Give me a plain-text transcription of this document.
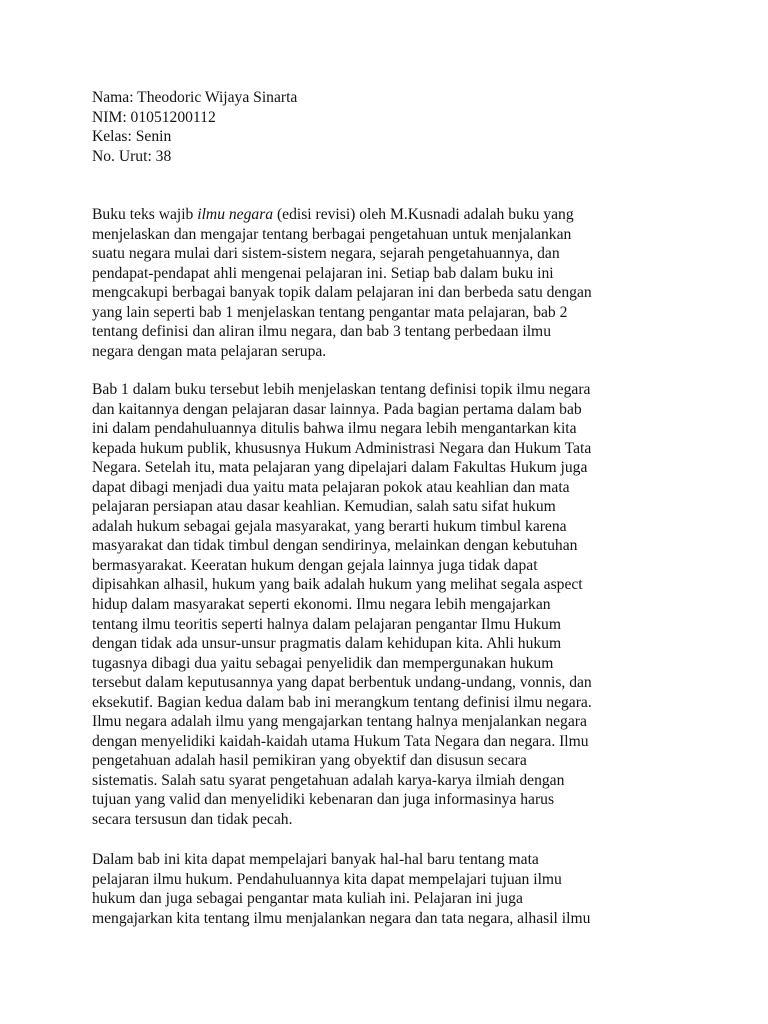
Nama: Theodoric Wijaya Sinarta
NIM: 01051200112
Kelas: Senin
No. Urut: 38
Buku teks wajib ilmu negara (edisi revisi) oleh M.Kusnadi adalah buku yang
menjelaskan dan mengajar tentang berbagai pengetahuan untuk menjalankan
suatu negara mulai dari sistem-sistem negara, sejarah pengetahuannya, dan
pendapat-pendapat ahli mengenai pelajaran ini. Setiap bab dalam buku ini
mengcakupi berbagai banyak topik dalam pelajaran ini dan berbeda satu dengan
yang lain seperti bab 1 menjelaskan tentang pengantar mata pelajaran, bab 2
tentang definisi dan aliran ilmu negara, dan bab 3 tentang perbedaan ilmu
negara dengan mata pelajaran serupa.
Bab 1 dalam buku tersebut lebih menjelaskan tentang definisi topik ilmu negara
dan kaitannya dengan pelajaran dasar lainnya. Pada bagian pertama dalam bab
ini dalam pendahuluannya ditulis bahwa ilmu negara lebih mengantarkan kita
kepada hukum publik, khususnya Hukum Administrasi Negara dan Hukum Tata
Negara. Setelah itu, mata pelajaran yang dipelajari dalam Fakultas Hukum juga
dapat dibagi menjadi dua yaitu mata pelajaran pokok atau keahlian dan mata
pelajaran persiapan atau dasar keahlian. Kemudian, salah satu sifat hukum
adalah hukum sebagai gejala masyarakat, yang berarti hukum timbul karena
masyarakat dan tidak timbul dengan sendirinya, melainkan dengan kebutuhan
bermasyarakat. Keeratan hukum dengan gejala lainnya juga tidak dapat
dipisahkan alhasil, hukum yang baik adalah hukum yang melihat segala aspect
hidup dalam masyarakat seperti ekonomi. Ilmu negara lebih mengajarkan
tentang ilmu teoritis seperti halnya dalam pelajaran pengantar Ilmu Hukum
dengan tidak ada unsur-unsur pragmatis dalam kehidupan kita. Ahli hukum
tugasnya dibagi dua yaitu sebagai penyelidik dan mempergunakan hukum
tersebut dalam keputusannya yang dapat berbentuk undang-undang, vonnis, dan
eksekutif. Bagian kedua dalam bab ini merangkum tentang definisi ilmu negara.
Ilmu negara adalah ilmu yang mengajarkan tentang halnya menjalankan negara
dengan menyelidiki kaidah-kaidah utama Hukum Tata Negara dan negara. Ilmu
pengetahuan adalah hasil pemikiran yang obyektif dan disusun secara
sistematis. Salah satu syarat pengetahuan adalah karya-karya ilmiah dengan
tujuan yang valid dan menyelidiki kebenaran dan juga informasinya harus
secara tersusun dan tidak pecah.
Dalam bab ini kita dapat mempelajari banyak hal-hal baru tentang mata
pelajaran ilmu hukum. Pendahuluannya kita dapat mempelajari tujuan ilmu
hukum dan juga sebagai pengantar mata kuliah ini. Pelajaran ini juga
mengajarkan kita tentang ilmu menjalankan negara dan tata negara, alhasil ilmu
